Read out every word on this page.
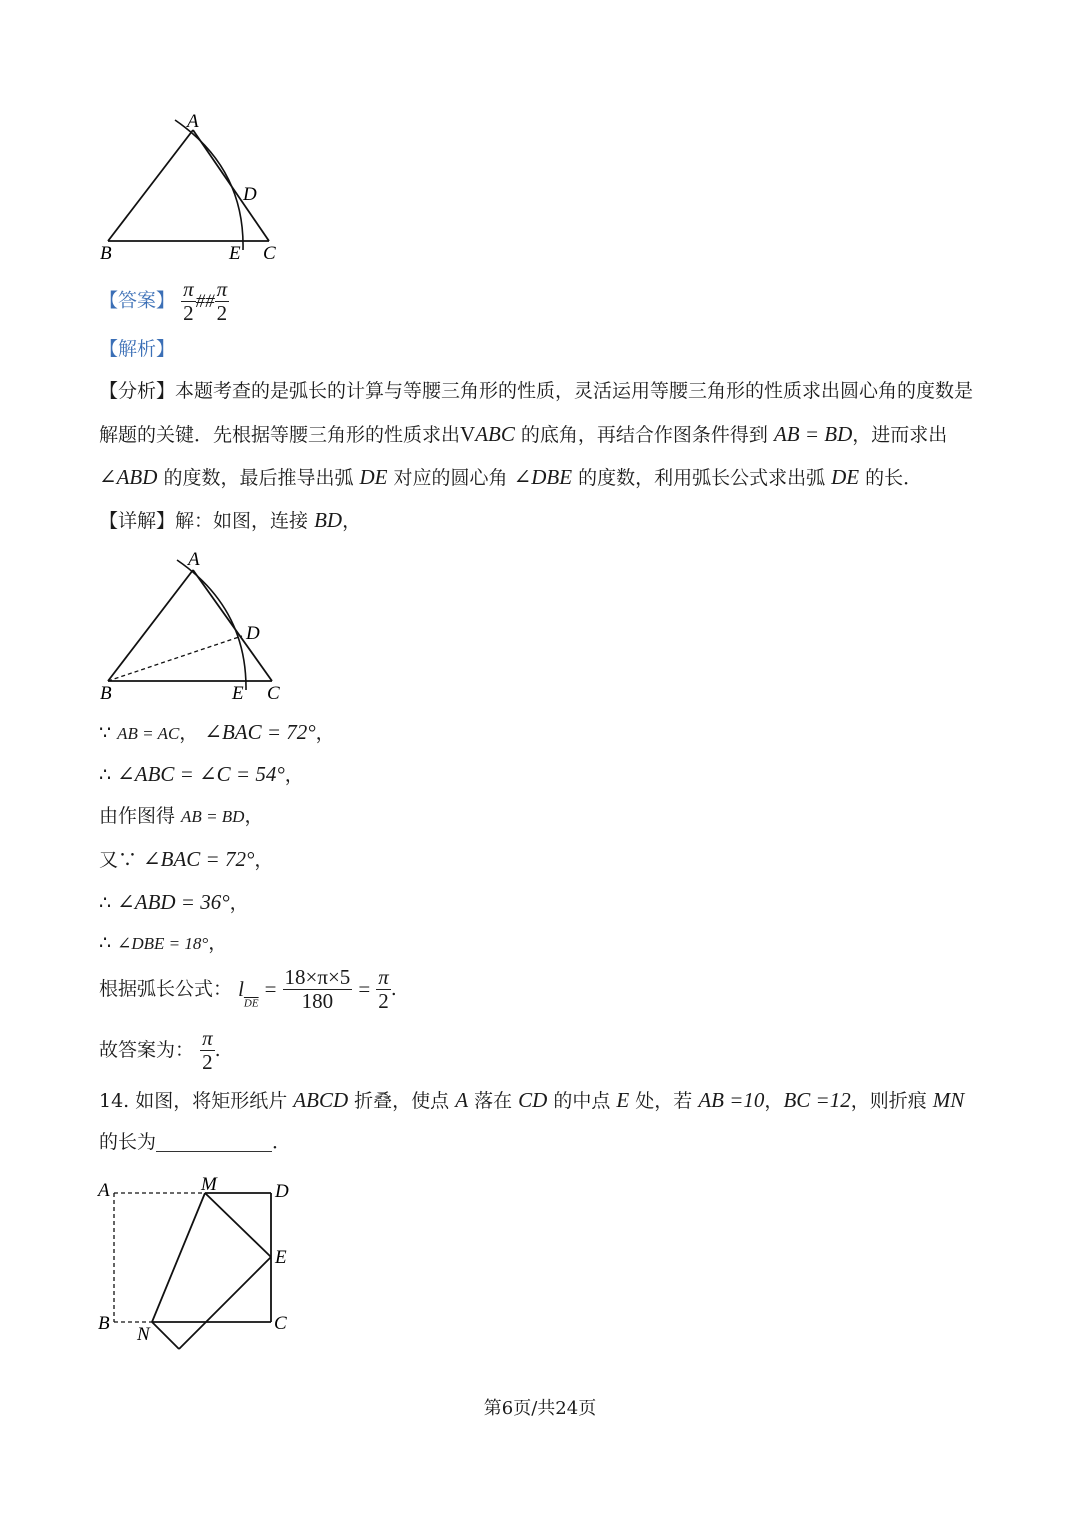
A
D
B	E C
【答案】 $\frac{\pi}{2}$ ## $\frac{\pi}{2}$
【解析】
【分析】本题考查的是弧长的计算与等腰三角形的性质，灵活运用等腰三角形的性质求出圆心角的度数是
解题的关键．先根据等腰三角形的性质求出VABC 的底角，再结合作图条件得到 AB = BD，进而求出
∠ABD 的度数，最后推导出弧 DE 对应的圆心角 ∠DBE 的度数，利用弧长公式求出弧 DE 的长．
【详解】解：如图，连接 BD，
A
D
B	E C
∵ AB = AC， ∠BAC = 72°，
∴ ∠ABC = ∠C = 54°，
由作图得 AB = BD，
又∵ ∠BAC = 72°，
∴ ∠ABD = 36°，
∴ ∠DBE = 18°，
根据弧长公式： $l_{\overline{DE}} = \frac{18\times\pi\times 5}{180} = \frac{\pi}{2}$ .
故答案为： $\frac{\pi}{2}$ .
14. 如图，将矩形纸片 ABCD 折叠，使点 A 落在 CD 的中点 E 处，若 AB =10，BC =12，则折痕 MN
的长为	．
A	M	D
E
B
N
C
第6页/共24页
